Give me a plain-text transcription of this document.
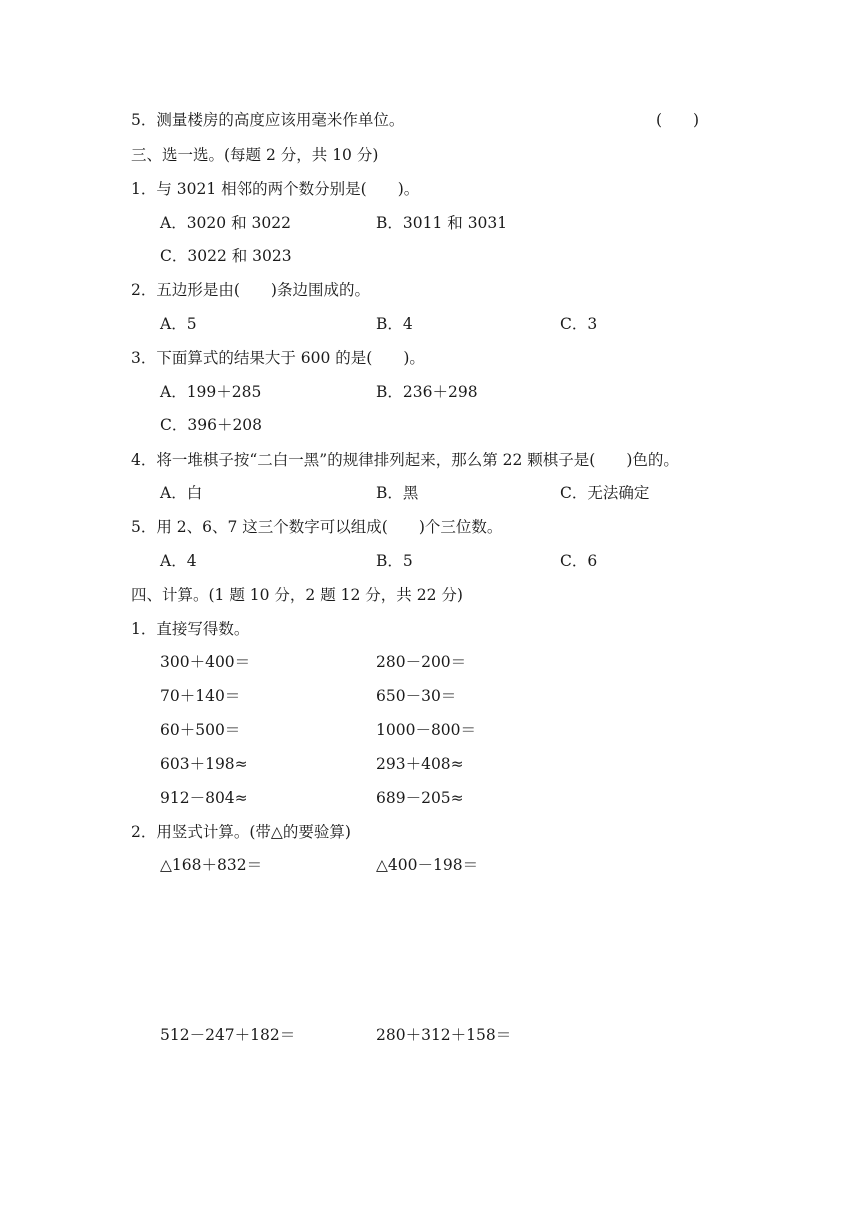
5．测量楼房的高度应该用毫米作单位。	(　　)
三、选一选。(每题 2 分，共 10 分)
1．与 3021 相邻的两个数分别是(　　)。
A．3020 和 3022	B．3011 和 3031
C．3022 和 3023
2．五边形是由(　　)条边围成的。
A．5	B．4	C．3
3．下面算式的结果大于 600 的是(　　)。
A．199＋285	B．236＋298
C．396＋208
4．将一堆棋子按“二白一黑”的规律排列起来，那么第 22 颗棋子是(　　)色的。
A．白	B．黑	C．无法确定
5．用 2、6、7 这三个数字可以组成(　　)个三位数。
A．4	B．5	C．6
四、计算。(1 题 10 分，2 题 12 分，共 22 分)
1．直接写得数。
300＋400＝	280－200＝
70＋140＝	650－30＝
60＋500＝	1000－800＝
603＋198≈	293＋408≈
912－804≈	689－205≈
2．用竖式计算。(带△的要验算)
△168＋832＝	△400－198＝
512－247＋182＝	280＋312＋158＝
